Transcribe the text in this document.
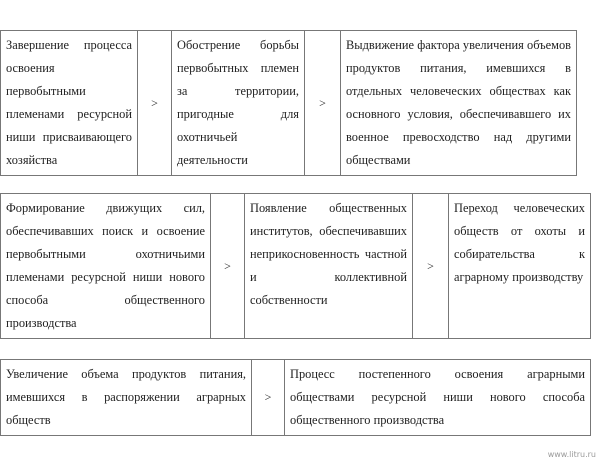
Завершение процесса освоения первобытными племенами ресурсной ниши присваивающего хозяйства	>	Обострение борьбы первобытных племен за территории, пригодные для охотничьей деятельности	>	Выдвижение фактора увеличения объемов продуктов питания, имевшихся в отдельных человеческих обществах как основного условия, обеспечивавшего их военное превосходство над другими обществами
Формирование движущих сил, обеспечивавших поиск и освоение первобытными охотничьими племенами ресурсной ниши нового способа общественного производства	>	Появление общественных институтов, обеспечивавших неприкосновенность частной и коллективной собственности	>	Переход человеческих обществ от охоты и собирательства к аграрному производству
Увеличение объема продуктов питания, имевшихся в распоряжении аграрных обществ	>	Процесс постепенного освоения аграрными обществами ресурсной ниши нового способа общественного производства
www.litru.ru
